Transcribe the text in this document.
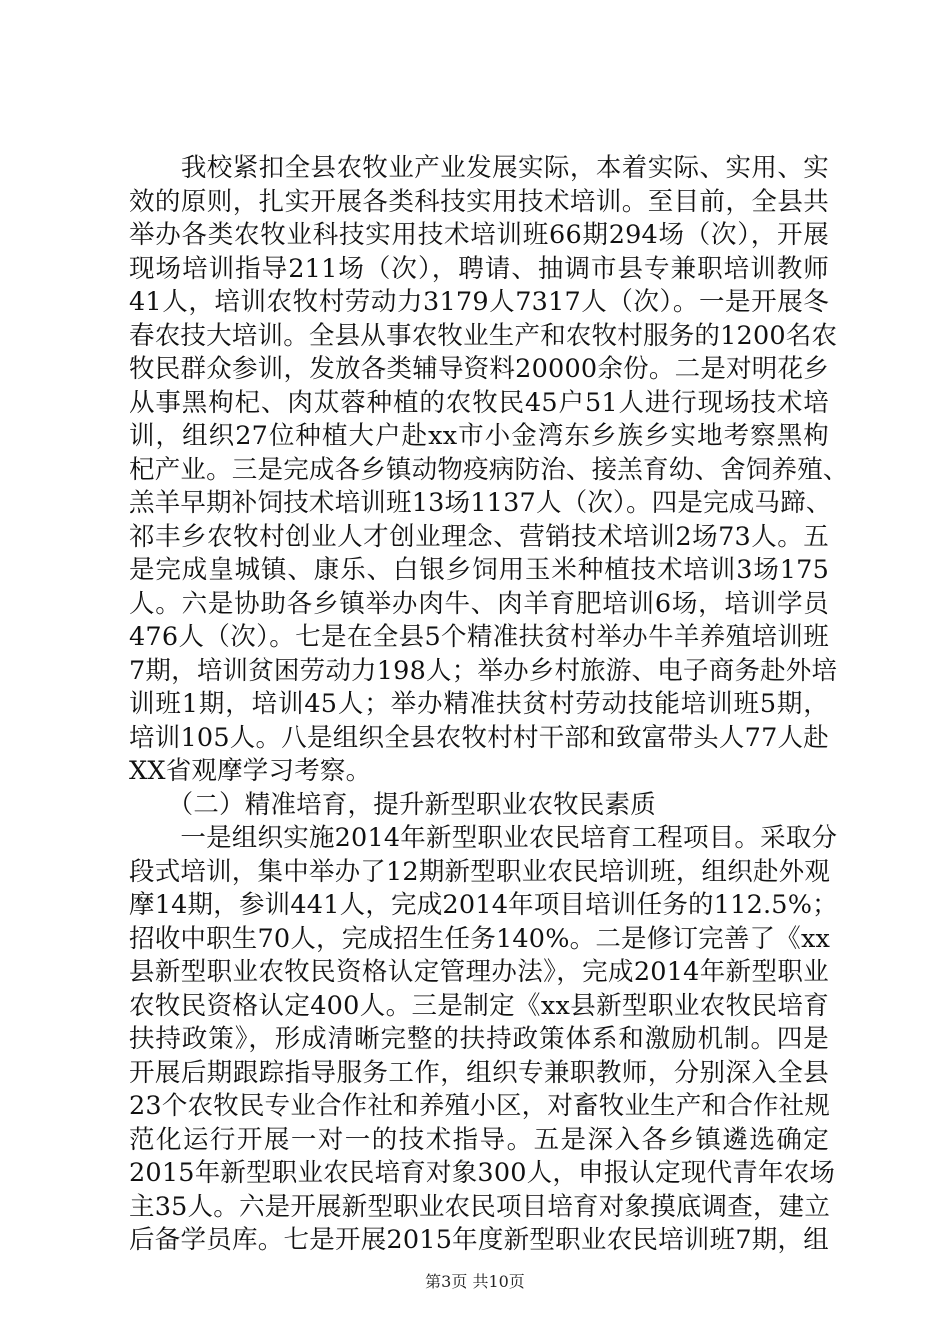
　　我校紧扣全县农牧业产业发展实际，本着实际、实用、实
效的原则，扎实开展各类科技实用技术培训。至目前，全县共
举办各类农牧业科技实用技术培训班66期294场（次），开展
现场培训指导211场（次），聘请、抽调市县专兼职培训教师
41人，培训农牧村劳动力3179人7317人（次）。一是开展冬
春农技大培训。全县从事农牧业生产和农牧村服务的1200名农
牧民群众参训，发放各类辅导资料20000余份。二是对明花乡
从事黑枸杞、肉苁蓉种植的农牧民45户51人进行现场技术培
训，组织27位种植大户赴xx市小金湾东乡族乡实地考察黑枸
杞产业。三是完成各乡镇动物疫病防治、接羔育幼、舍饲养殖、
羔羊早期补饲技术培训班13场1137人（次）。四是完成马蹄、
祁丰乡农牧村创业人才创业理念、营销技术培训2场73人。五
是完成皇城镇、康乐、白银乡饲用玉米种植技术培训3场175
人。六是协助各乡镇举办肉牛、肉羊育肥培训6场，培训学员
476人（次）。七是在全县5个精准扶贫村举办牛羊养殖培训班
7期，培训贫困劳动力198人；举办乡村旅游、电子商务赴外培
训班1期，培训45人；举办精准扶贫村劳动技能培训班5期，
培训105人。八是组织全县农牧村村干部和致富带头人77人赴
XX省观摩学习考察。
　　（二）精准培育，提升新型职业农牧民素质
　　一是组织实施2014年新型职业农民培育工程项目。采取分
段式培训，集中举办了12期新型职业农民培训班，组织赴外观
摩14期，参训441人，完成2014年项目培训任务的112.5%；
招收中职生70人，完成招生任务140%。二是修订完善了《xx
县新型职业农牧民资格认定管理办法》，完成2014年新型职业
农牧民资格认定400人。三是制定《xx县新型职业农牧民培育
扶持政策》，形成清晰完整的扶持政策体系和激励机制。四是
开展后期跟踪指导服务工作，组织专兼职教师，分别深入全县
23个农牧民专业合作社和养殖小区，对畜牧业生产和合作社规
范化运行开展一对一的技术指导。五是深入各乡镇遴选确定
2015年新型职业农民培育对象300人，申报认定现代青年农场
主35人。六是开展新型职业农民项目培育对象摸底调查，建立
后备学员库。七是开展2015年度新型职业农民培训班7期，组
第3页 共10页
